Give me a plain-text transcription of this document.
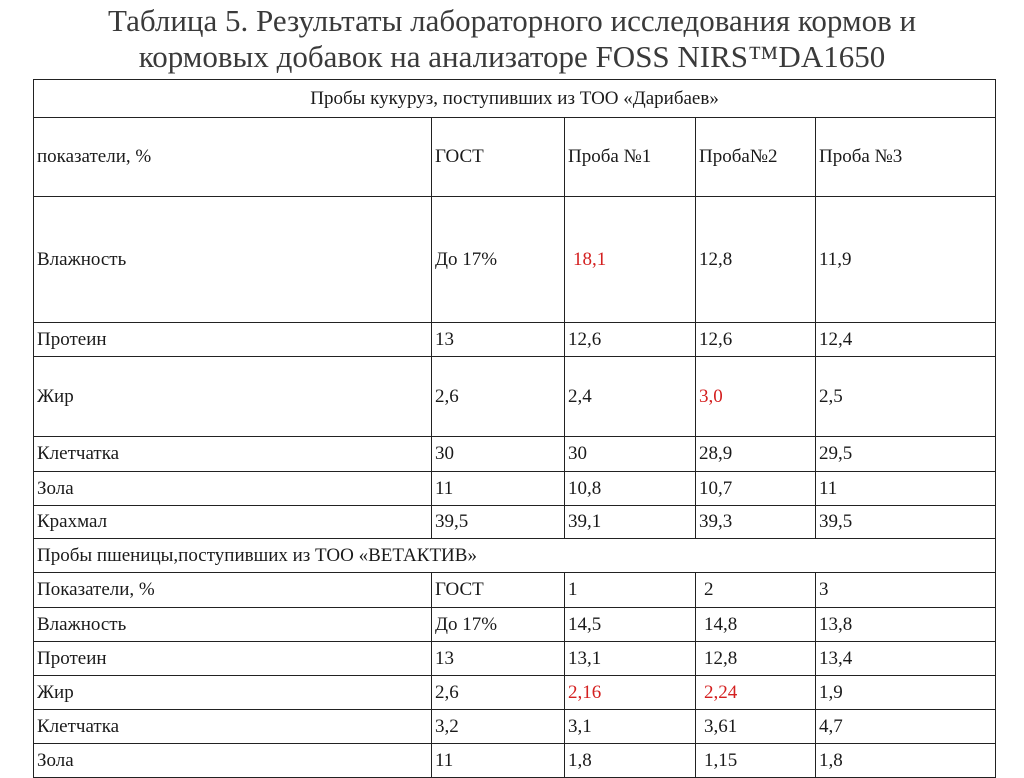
Таблица 5. Результаты лабораторного исследования кормов и
кормовых добавок на анализаторе FOSS NIRS™DA1650
Пробы кукуруз, поступивших из ТОО «Дарибаев»				
показатели, %	ГОСТ	Проба №1	Проба№2	Проба №3
Влажность	До 17%	18,1	12,8	11,9
Протеин	13	12,6	12,6	12,4
Жир	2,6	2,4	3,0	2,5
Клетчатка	30	30	28,9	29,5
Зола	11	10,8	10,7	11
Крахмал	39,5	39,1	39,3	39,5
Пробы пшеницы,поступивших из ТОО «ВЕТАКТИВ»				
Показатели, %	ГОСТ	1	2	3
Влажность	До 17%	14,5	14,8	13,8
Протеин	13	13,1	12,8	13,4
Жир	2,6	2,16	2,24	1,9
Клетчатка	3,2	3,1	3,61	4,7
Зола	11	1,8	1,15	1,8
